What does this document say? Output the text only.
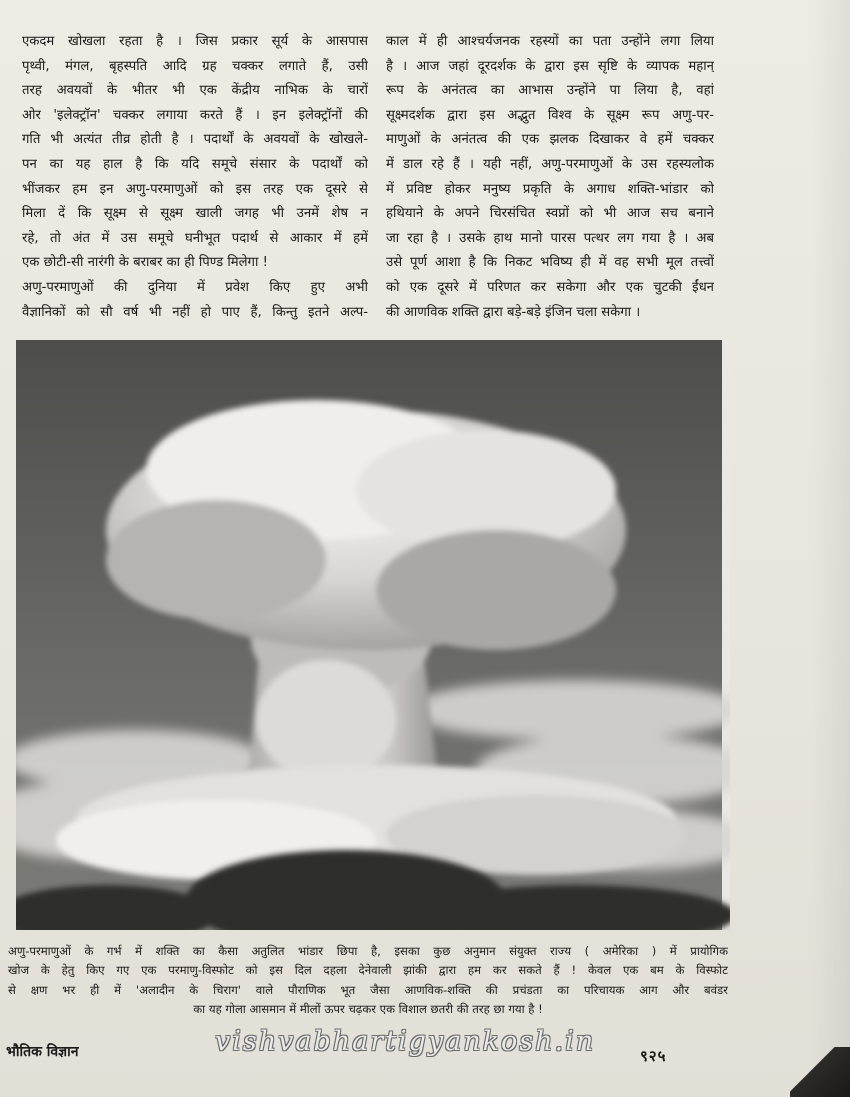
एकदम खोखला रहता है । जिस प्रकार सूर्य के आसपास
पृथ्वी, मंगल, बृहस्पति आदि ग्रह चक्कर लगाते हैं, उसी
तरह अवयवों के भीतर भी एक केंद्रीय नाभिक के चारों
ओर 'इलेक्ट्रॉन' चक्कर लगाया करते हैं । इन इलेक्ट्रॉनों की
गति भी अत्यंत तीव्र होती है । पदार्थों के अवयवों के खोखले-
पन का यह हाल है कि यदि समूचे संसार के पदार्थों को
भींजकर हम इन अणु-परमाणुओं को इस तरह एक दूसरे से
मिला दें कि सूक्ष्म से सूक्ष्म खाली जगह भी उनमें शेष न
रहे, तो अंत में उस समूचे घनीभूत पदार्थ से आकार में हमें
एक छोटी-सी नारंगी के बराबर का ही पिण्ड मिलेगा !
अणु-परमाणुओं की दुनिया में प्रवेश किए हुए अभी
वैज्ञानिकों को सौ वर्ष भी नहीं हो पाए हैं, किन्तु इतने अल्प-
काल में ही आश्चर्यजनक रहस्यों का पता उन्होंने लगा लिया
है । आज जहां दूरदर्शक के द्वारा इस सृष्टि के व्यापक महान्
रूप के अनंतत्व का आभास उन्होंने पा लिया है, वहां
सूक्ष्मदर्शक द्वारा इस अद्भुत विश्व के सूक्ष्म रूप अणु-पर-
माणुओं के अनंतत्व की एक झलक दिखाकर वे हमें चक्कर
में डाल रहे हैं । यही नहीं, अणु-परमाणुओं के उस रहस्यलोक
में प्रविष्ट होकर मनुष्य प्रकृति के अगाध शक्ति-भांडार को
हथियाने के अपने चिरसंचित स्वप्नों को भी आज सच बनाने
जा रहा है । उसके हाथ मानो पारस पत्थर लग गया है । अब
उसे पूर्ण आशा है कि निकट भविष्य ही में वह सभी मूल तत्त्वों
को एक दूसरे में परिणत कर सकेगा और एक चुटकी ईंधन
की आणविक शक्ति द्वारा बड़े-बड़े इंजिन चला सकेगा ।
अणु-परमाणुओं के गर्भ में शक्ति का कैसा अतुलित भांडार छिपा है, इसका कुछ अनुमान संयुक्त राज्य ( अमेरिका ) में प्रायोगिक
खोज के हेतु किए गए एक परमाणु-विस्फोट को इस दिल दहला देनेवाली झांकी द्वारा हम कर सकते हैं ! केवल एक बम के विस्फोट
से क्षण भर ही में 'अलादीन के चिराग' वाले पौराणिक भूत जैसा आणविक-शक्ति की प्रचंडता का परिचायक आग और बवंडर
का यह गोला आसमान में मीलों ऊपर चढ़कर एक विशाल छतरी की तरह छा गया है !
भौतिक विज्ञान	vishvabhartigyankosh.in	९२५
